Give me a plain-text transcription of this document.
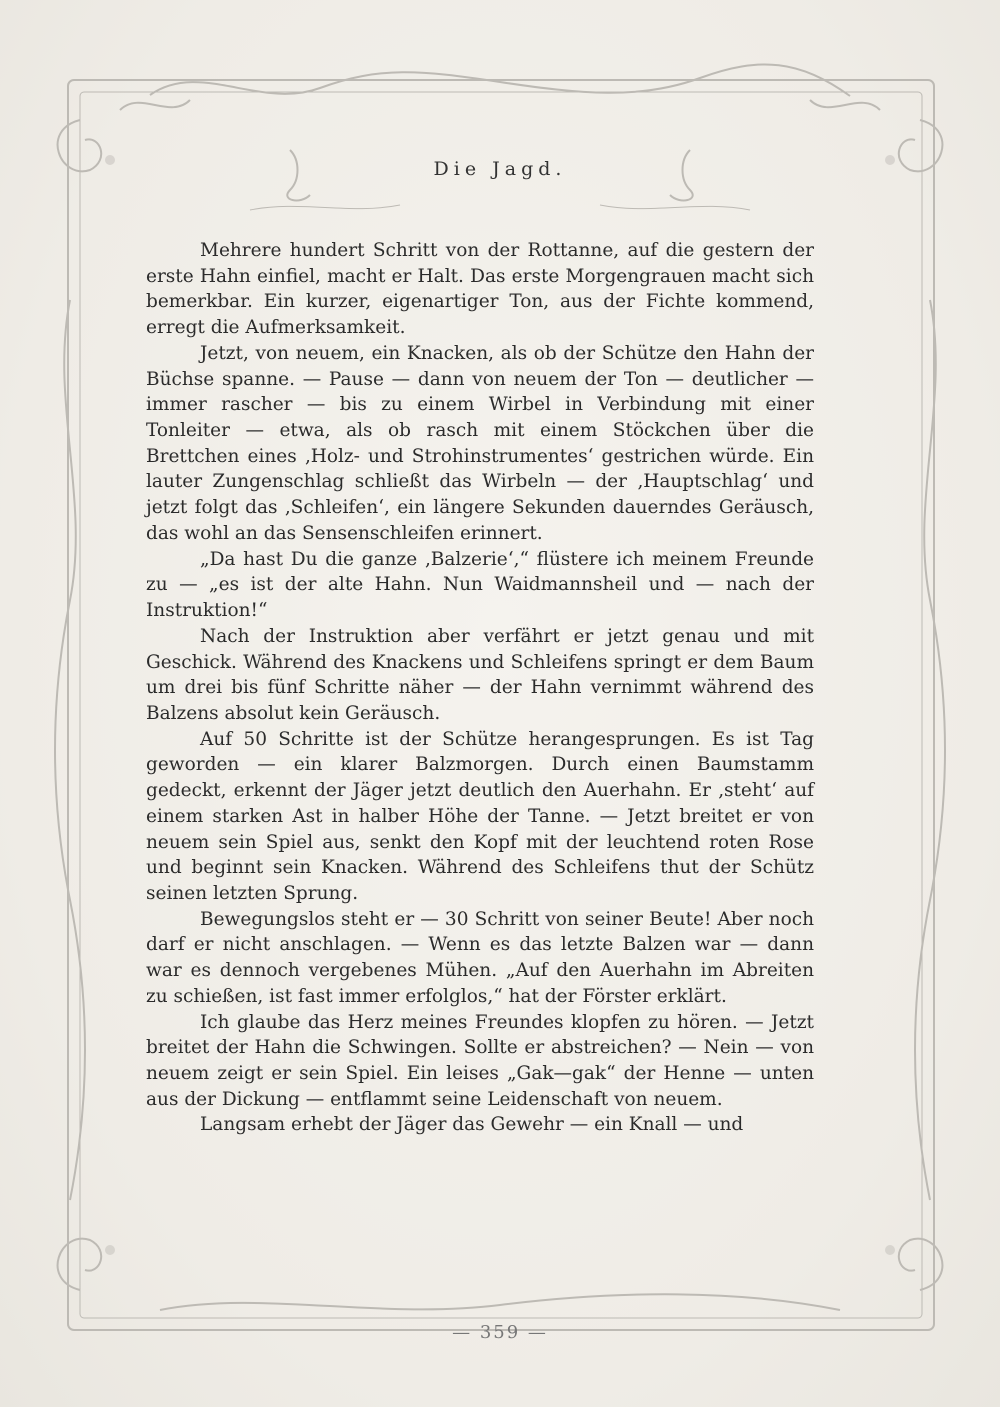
Die Jagd.

Mehrere hundert Schritt von der Rottanne, auf die gestern der erste Hahn einfiel, macht er Halt. Das erste Morgengrauen macht sich bemerkbar. Ein kurzer, eigenartiger Ton, aus der Fichte kommend, erregt die Aufmerksamkeit.

Jetzt, von neuem, ein Knacken, als ob der Schütze den Hahn der Büchse spanne. — Pause — dann von neuem der Ton — deutlicher — immer rascher — bis zu einem Wirbel in Verbindung mit einer Tonleiter — etwa, als ob rasch mit einem Stöckchen über die Brettchen eines ‚Holz- und Strohinstrumentes‘ gestrichen würde. Ein lauter Zungenschlag schließt das Wirbeln — der ‚Hauptschlag‘ und jetzt folgt das ‚Schleifen‘, ein längere Sekunden dauerndes Geräusch, das wohl an das Sensenschleifen erinnert.

„Da hast Du die ganze ‚Balzerie‘,“ flüstere ich meinem Freunde zu — „es ist der alte Hahn. Nun Waidmannsheil und — nach der Instruktion!“

Nach der Instruktion aber verfährt er jetzt genau und mit Geschick. Während des Knackens und Schleifens springt er dem Baum um drei bis fünf Schritte näher — der Hahn vernimmt während des Balzens absolut kein Geräusch.

Auf 50 Schritte ist der Schütze herangesprungen. Es ist Tag geworden — ein klarer Balzmorgen. Durch einen Baumstamm gedeckt, erkennt der Jäger jetzt deutlich den Auerhahn. Er ‚steht‘ auf einem starken Ast in halber Höhe der Tanne. — Jetzt breitet er von neuem sein Spiel aus, senkt den Kopf mit der leuchtend roten Rose und beginnt sein Knacken. Während des Schleifens thut der Schütz seinen letzten Sprung.

Bewegungslos steht er — 30 Schritt von seiner Beute! Aber noch darf er nicht anschlagen. — Wenn es das letzte Balzen war — dann war es dennoch vergebenes Mühen. „Auf den Auerhahn im Abreiten zu schießen, ist fast immer erfolglos,“ hat der Förster erklärt.

Ich glaube das Herz meines Freundes klopfen zu hören. — Jetzt breitet der Hahn die Schwingen. Sollte er abstreichen? — Nein — von neuem zeigt er sein Spiel. Ein leises „Gak—gak“ der Henne — unten aus der Dickung — entflammt seine Leidenschaft von neuem.

Langsam erhebt der Jäger das Gewehr — ein Knall — und

— 359 —
